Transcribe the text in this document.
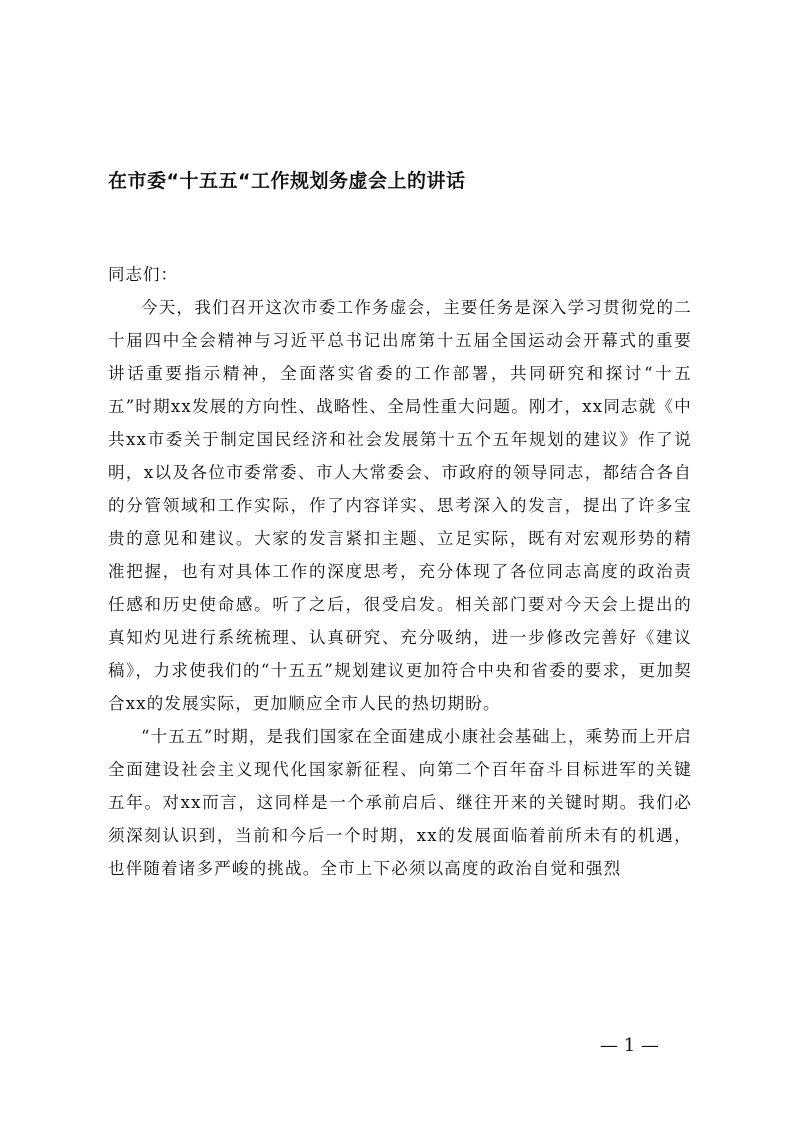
在市委“十五五“工作规划务虚会上的讲话

同志们：

今天，我们召开这次市委工作务虚会，主要任务是深入学习贯彻党的二十届四中全会精神与习近平总书记出席第十五届全国运动会开幕式的重要讲话重要指示精神，全面落实省委的工作部署，共同研究和探讨“十五五”时期xx发展的方向性、战略性、全局性重大问题。刚才，xx同志就《中共xx市委关于制定国民经济和社会发展第十五个五年规划的建议》作了说明，x以及各位市委常委、市人大常委会、市政府的领导同志，都结合各自的分管领域和工作实际，作了内容详实、思考深入的发言，提出了许多宝贵的意见和建议。大家的发言紧扣主题、立足实际，既有对宏观形势的精准把握，也有对具体工作的深度思考，充分体现了各位同志高度的政治责任感和历史使命感。听了之后，很受启发。相关部门要对今天会上提出的真知灼见进行系统梳理、认真研究、充分吸纳，进一步修改完善好《建议稿》，力求使我们的“十五五”规划建议更加符合中央和省委的要求，更加契合xx的发展实际，更加顺应全市人民的热切期盼。

“十五五”时期，是我们国家在全面建成小康社会基础上，乘势而上开启全面建设社会主义现代化国家新征程、向第二个百年奋斗目标进军的关键五年。对xx而言，这同样是一个承前启后、继往开来的关键时期。我们必须深刻认识到，当前和今后一个时期，xx的发展面临着前所未有的机遇，也伴随着诸多严峻的挑战。全市上下必须以高度的政治自觉和强烈

— 1 —
